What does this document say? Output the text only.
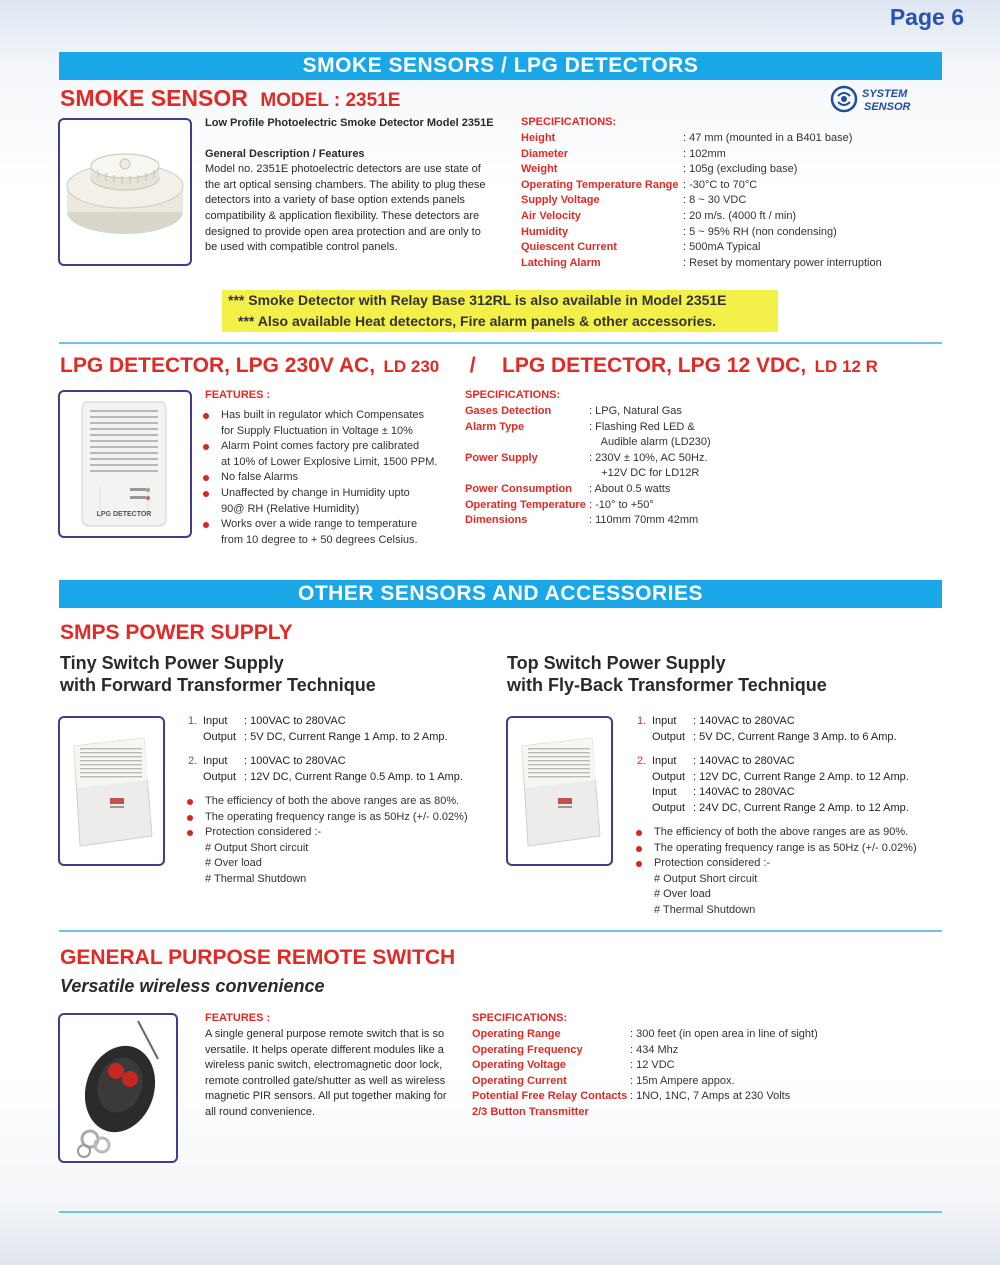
Page 6
SMOKE SENSORS / LPG DETECTORS
SMOKE SENSOR MODEL : 2351E	SYSTEM
SENSOR
Low Profile Photoelectric Smoke Detector Model 2351E
General Description / Features
Model no. 2351E photoelectric detectors are use state of
the art optical sensing chambers. The ability to plug these
detectors into a variety of base option extends panels
compatibility & application flexibility. These detectors are
designed to provide open area protection and are only to
be used with compatible control panels.
SPECIFICATIONS:
Height	: 47 mm (mounted in a B401 base)
Diameter	: 102mm
Weight	: 105g (excluding base)
Operating Temperature Range : -30°C to 70°C
Supply Voltage	: 8 ~ 30 VDC
Air Velocity	: 20 m/s. (4000 ft / min)
Humidity	: 5 ~ 95% RH (non condensing)
Quiescent Current	: 500mA Typical
Latching Alarm	: Reset by momentary power interruption
*** Smoke Detector with Relay Base 312RL is also available in Model 2351E
*** Also available Heat detectors, Fire alarm panels & other accessories.
LPG DETECTOR, LPG 230V AC, LD 230 / LPG DETECTOR, LPG 12 VDC, LD 12 R
LPG DETECTOR
FEATURES :
Has built in regulator which Compensates
for Supply Fluctuation in Voltage ± 10%
Alarm Point comes factory pre calibrated
at 10% of Lower Explosive Limit, 1500 PPM.
No false Alarms
Unaffected by change in Humidity upto
90@ RH (Relative Humidity)
Works over a wide range to temperature
from 10 degree to + 50 degrees Celsius.
SPECIFICATIONS:
Gases Detection	: LPG, Natural Gas
Alarm Type	: Flashing Red LED &
Audible alarm (LD230)
Power Supply	: 230V ± 10%, AC 50Hz.
+12V DC for LD12R
Power Consumption : About 0.5 watts
Operating Temperature : -10° to +50°
Dimensions	: 110mm 70mm 42mm
OTHER SENSORS AND ACCESSORIES
SMPS POWER SUPPLY
Tiny Switch Power Supply
with Forward Transformer Technique
Top Switch Power Supply
with Fly-Back Transformer Technique
1. Input : 100VAC to 280VAC
Output : 5V DC, Current Range 1 Amp. to 2 Amp.
2. Input : 100VAC to 280VAC
Output : 12V DC, Current Range 0.5 Amp. to 1 Amp.
The efficiency of both the above ranges are as 80%.
The operating frequency range is as 50Hz (+/- 0.02%)
Protection considered :-
# Output Short circuit
# Over load
# Thermal Shutdown
1. Input : 140VAC to 280VAC
Output : 5V DC, Current Range 3 Amp. to 6 Amp.
2. Input : 140VAC to 280VAC
Output : 12V DC, Current Range 2 Amp. to 12 Amp.
Input : 140VAC to 280VAC
Output : 24V DC, Current Range 2 Amp. to 12 Amp.
The efficiency of both the above ranges are as 90%.
The operating frequency range is as 50Hz (+/- 0.02%)
Protection considered :-
# Output Short circuit
# Over load
# Thermal Shutdown
GENERAL PURPOSE REMOTE SWITCH
Versatile wireless convenience
FEATURES :
A single general purpose remote switch that is so
versatile. It helps operate different modules like a
wireless panic switch, electromagnetic door lock,
remote controlled gate/shutter as well as wireless
magnetic PIR sensors. All put together making for
all round convenience.
SPECIFICATIONS:
Operating Range	: 300 feet (in open area in line of sight)
Operating Frequency	: 434 Mhz
Operating Voltage	: 12 VDC
Operating Current	: 15m Ampere appox.
Potential Free Relay Contacts : 1NO, 1NC, 7 Amps at 230 Volts
2/3 Button Transmitter
